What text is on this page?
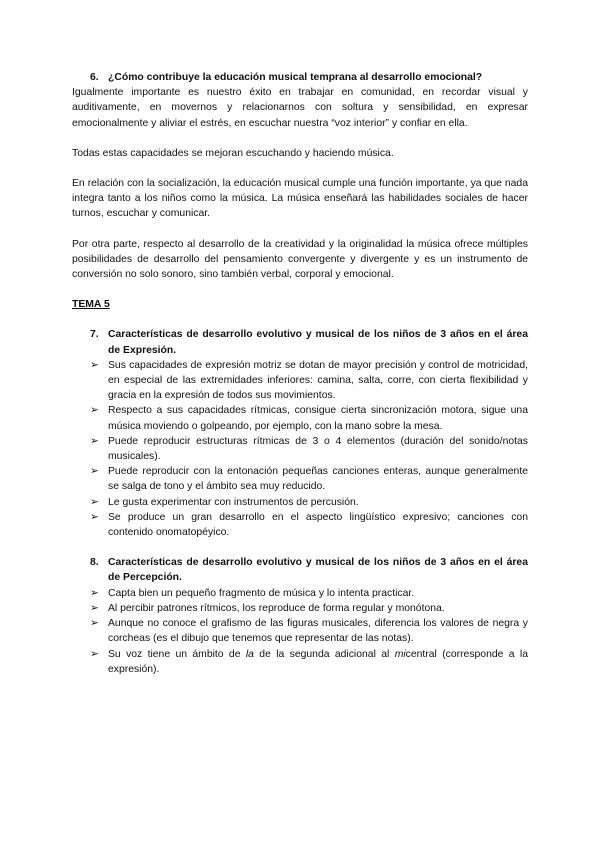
6. ¿Cómo contribuye la educación musical temprana al desarrollo emocional?

Igualmente importante es nuestro éxito en trabajar en comunidad, en recordar visual y auditivamente, en movernos y relacionarnos con soltura y sensibilidad, en expresar emocionalmente y aliviar el estrés, en escuchar nuestra “voz interior” y confiar en ella.

Todas estas capacidades se mejoran escuchando y haciendo música.

En relación con la socialización, la educación musical cumple una función importante, ya que nada integra tanto a los niños como la música. La música enseñará las habilidades sociales de hacer turnos, escuchar y comunicar.

Por otra parte, respecto al desarrollo de la creatividad y la originalidad la música ofrece múltiples posibilidades de desarrollo del pensamiento convergente y divergente y es un instrumento de conversión no solo sonoro, sino también verbal, corporal y emocional.

TEMA 5

7. Características de desarrollo evolutivo y musical de los niños de 3 años en el área de Expresión.
➢ Sus capacidades de expresión motriz se dotan de mayor precisión y control de motricidad, en especial de las extremidades inferiores: camina, salta, corre, con cierta flexibilidad y gracia en la expresión de todos sus movimientos.
➢ Respecto a sus capacidades rítmicas, consigue cierta sincronización motora, sigue una música moviendo o golpeando, por ejemplo, con la mano sobre la mesa.
➢ Puede reproducir estructuras rítmicas de 3 o 4 elementos (duración del sonido/notas musicales).
➢ Puede reproducir con la entonación pequeñas canciones enteras, aunque generalmente se salga de tono y el ámbito sea muy reducido.
➢ Le gusta experimentar con instrumentos de percusión.
➢ Se produce un gran desarrollo en el aspecto lingüístico expresivo; canciones con contenido onomatopéyico.
8. Características de desarrollo evolutivo y musical de los niños de 3 años en el área de Percepción.
➢ Capta bien un pequeño fragmento de música y lo intenta practicar.
➢ Al percibir patrones rítmicos, los reproduce de forma regular y monótona.
➢ Aunque no conoce el grafismo de las figuras musicales, diferencia los valores de negra y corcheas (es el dibujo que tenemos que representar de las notas).
➢ Su voz tiene un ámbito de la de la segunda adicional al micentral (corresponde a la expresión).
